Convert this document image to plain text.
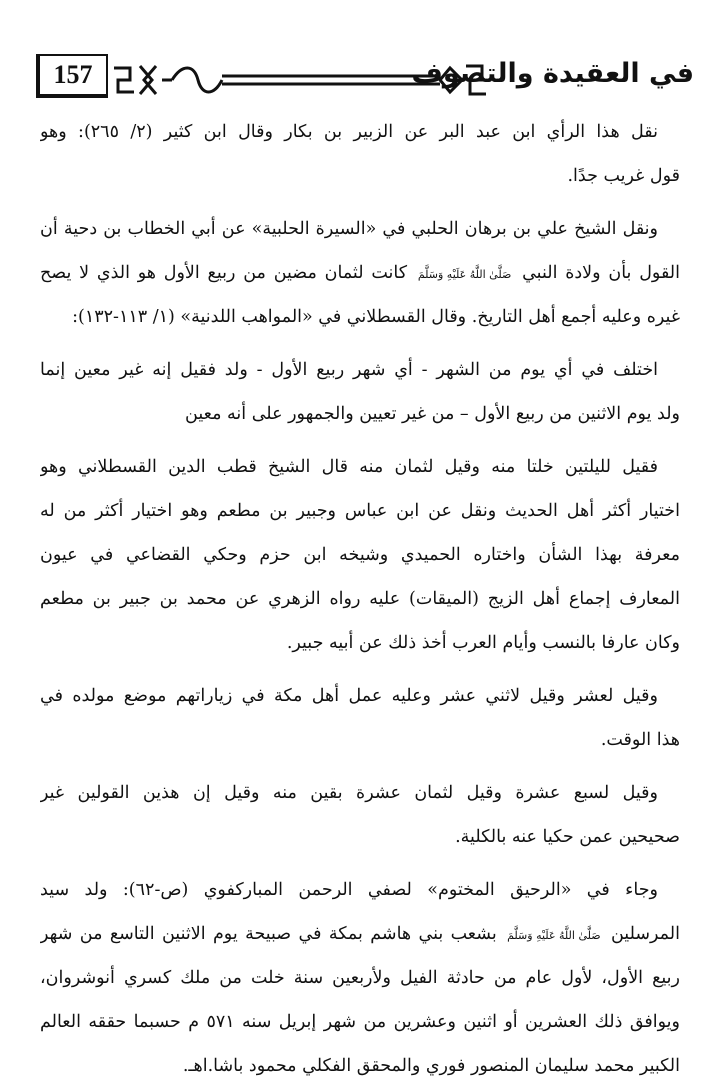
157	في العقيدة والتصوف
نقل هذا الرأي ابن عبد البر عن الزبير بن بكار وقال ابن كثير (٢/ ٢٦٥): وهو
قول غريب جدًا.
ونقل الشيخ علي بن برهان الحلبي في «السيرة الحلبية» عن أبي الخطاب بن دحية أن
القول بأن ولادة النبي صَلَّىٰ اللَّهُ عَلَيْهِ وَسَلَّمَ كانت لثمان مضين من ربيع الأول هو الذي لا يصح
غيره وعليه أجمع أهل التاريخ. وقال القسطلاني في «المواهب اللدنية» (١/ ١١٣-١٣٢):
اختلف في أي يوم من الشهر - أي شهر ربيع الأول - ولد فقيل إنه غير معين إنما
ولد يوم الاثنين من ربيع الأول – من غير تعيين والجمهور على أنه معين
فقيل لليلتين خلتا منه وقيل لثمان منه قال الشيخ قطب الدين القسطلاني وهو
اختيار أكثر أهل الحديث ونقل عن ابن عباس وجبير بن مطعم وهو اختيار أكثر من له
معرفة بهذا الشأن واختاره الحميدي وشيخه ابن حزم وحكي القضاعي في عيون
المعارف إجماع أهل الزيج (الميقات) عليه رواه الزهري عن محمد بن جبير بن مطعم
وكان عارفا بالنسب وأيام العرب أخذ ذلك عن أبيه جبير.
وقيل لعشر وقيل لاثني عشر وعليه عمل أهل مكة في زياراتهم موضع مولده في
هذا الوقت.
وقيل لسبع عشرة وقيل لثمان عشرة بقين منه وقيل إن هذين القولين غير
صحيحين عمن حكيا عنه بالكلية.
وجاء في «الرحيق المختوم» لصفي الرحمن المباركفوي (ص-٦٢): ولد سيد
المرسلين صَلَّىٰ اللَّهُ عَلَيْهِ وَسَلَّمَ بشعب بني هاشم بمكة في صبيحة يوم الاثنين التاسع من شهر
ربيع الأول، لأول عام من حادثة الفيل ولأربعين سنة خلت من ملك كسري أنوشروان،
ويوافق ذلك العشرين أو اثنين وعشرين من شهر إبريل سنه ٥٧١ م حسبما حققه العالم
الكبير محمد سليمان المنصور فوري والمحقق الفكلي محمود باشا.اهـ.
